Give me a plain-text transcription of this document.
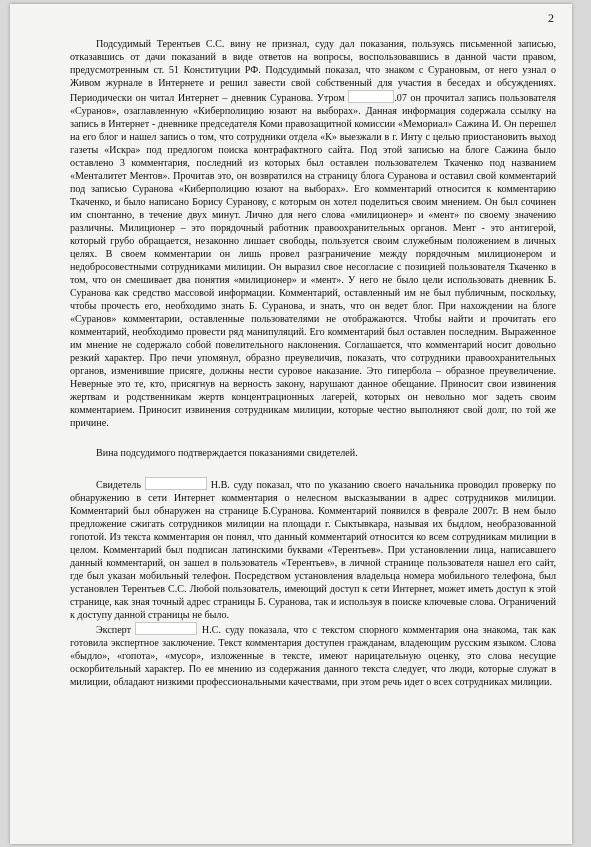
2

Подсудимый Терентьев С.С. вину не признал, суду дал показания, пользуясь письменной записью, отказавшись от дачи показаний в виде ответов на вопросы, воспользовавшись в данной части правом, предусмотренным ст. 51 Конституции РФ. Подсудимый показал, что знаком с Сурановым, от него узнал о Живом журнале в Интернете и решил завести свой собственный для участия в беседах и обсуждениях. Периодически он читал Интернет – дневник Суранова. Утром	.07 он прочитал запись пользователя «Суранов», озаглавленную «Киберполицию юзают на выборах». Данная информация содержала ссылку на запись в Интернет - дневнике председателя Коми правозащитной комиссии «Мемориал» Сажина И. Он перешел на его блог и нашел запись о том, что сотрудники отдела «К» выезжали в г. Инту с целью приостановить выход газеты «Искра» под предлогом поиска контрафактного сайта. Под этой записью на блоге Сажина было оставлено 3 комментария, последний из которых был оставлен пользователем Ткаченко под названием «Менталитет Ментов». Прочитав это, он возвратился на страницу блога Суранова и оставил свой комментарий под записью Суранова «Киберполицию юзают на выборах». Его комментарий относится к комментарию Ткаченко, и было написано Борису Суранову, с которым он хотел поделиться своим мнением. Он был сочинен им спонтанно, в течение двух минут. Лично для него слова «милиционер» и «мент» по своему значению различны. Милиционер – это порядочный работник правоохранительных органов. Мент - это антигерой, который грубо обращается, незаконно лишает свободы, пользуется своим служебным положением в личных целях. В своем комментарии он лишь провел разграничение между порядочным милиционером и недобросовестными сотрудниками милиции. Он выразил свое несогласие с позицией пользователя Ткаченко в том, что он смешивает два понятия «милиционер» и «мент». У него не было цели использовать дневник Б. Суранова как средство массовой информации. Комментарий, оставленный им не был публичным, поскольку, чтобы прочесть его, необходимо знать Б. Суранова, и знать, что он ведет блог. При нахождении на блоге «Суранов» комментарии, оставленные пользователями не отображаются. Чтобы найти и прочитать его комментарий, необходимо провести ряд манипуляций. Его комментарий был оставлен последним. Выраженное им мнение не содержало собой повелительного наклонения. Соглашается, что комментарий носит довольно резкий характер. Про печи упомянул, образно преувеличив, показать, что сотрудники правоохранительных органов, изменившие присяге, должны нести суровое наказание. Это гипербола – образное преувеличение. Неверные это те, кто, присягнув на верность закону, нарушают данное обещание. Приносит свои извинения жертвам и родственникам жертв концентрационных лагерей, которых он невольно мог задеть своим комментарием. Приносит извинения сотрудникам милиции, которые честно выполняют свой долг, по той же причине.

Вина подсудимого подтверждается показаниями свидетелей.

Свидетель	Н.В. суду показал, что по указанию своего начальника проводил проверку по обнаружению в сети Интернет комментария о нелесном высказывании в адрес сотрудников милиции. Комментарий был обнаружен на странице Б.Суранова. Комментарий появился в феврале 2007г. В нем было предложение сжигать сотрудников милиции на площади г. Сыктывкара, называя их быдлом, необразованной гопотой. Из текста комментария он понял, что данный комментарий относится ко всем сотрудникам милиции в целом. Комментарий был подписан латинскими буквами «Терентьев». При установлении лица, написавшего данный комментарий, он зашел в пользователь «Терентьев», в личной странице пользователя нашел его сайт, где был указан мобильный телефон. Посредством установления владельца номера мобильного телефона, был установлен Терентьев С.С. Любой пользователь, имеющий доступ к сети Интернет, может иметь доступ к этой странице, как зная точный адрес страницы Б. Суранова, так и используя в поиске ключевые слова. Ограничений к доступу данной страницы не было.

Эксперт	Н.С. суду показала, что с текстом спорного комментария она знакома, так как готовила экспертное заключение. Текст комментария доступен гражданам, владеющим русским языком. Слова «быдло», «гопота», «мусор», изложенные в тексте, имеют нарицательную оценку, это слова несущие оскорбительный характер. По ее мнению из содержания данного текста следует, что люди, которые служат в милиции, обладают низкими профессиональными качествами, при этом речь идет о всех сотрудниках милиции.
